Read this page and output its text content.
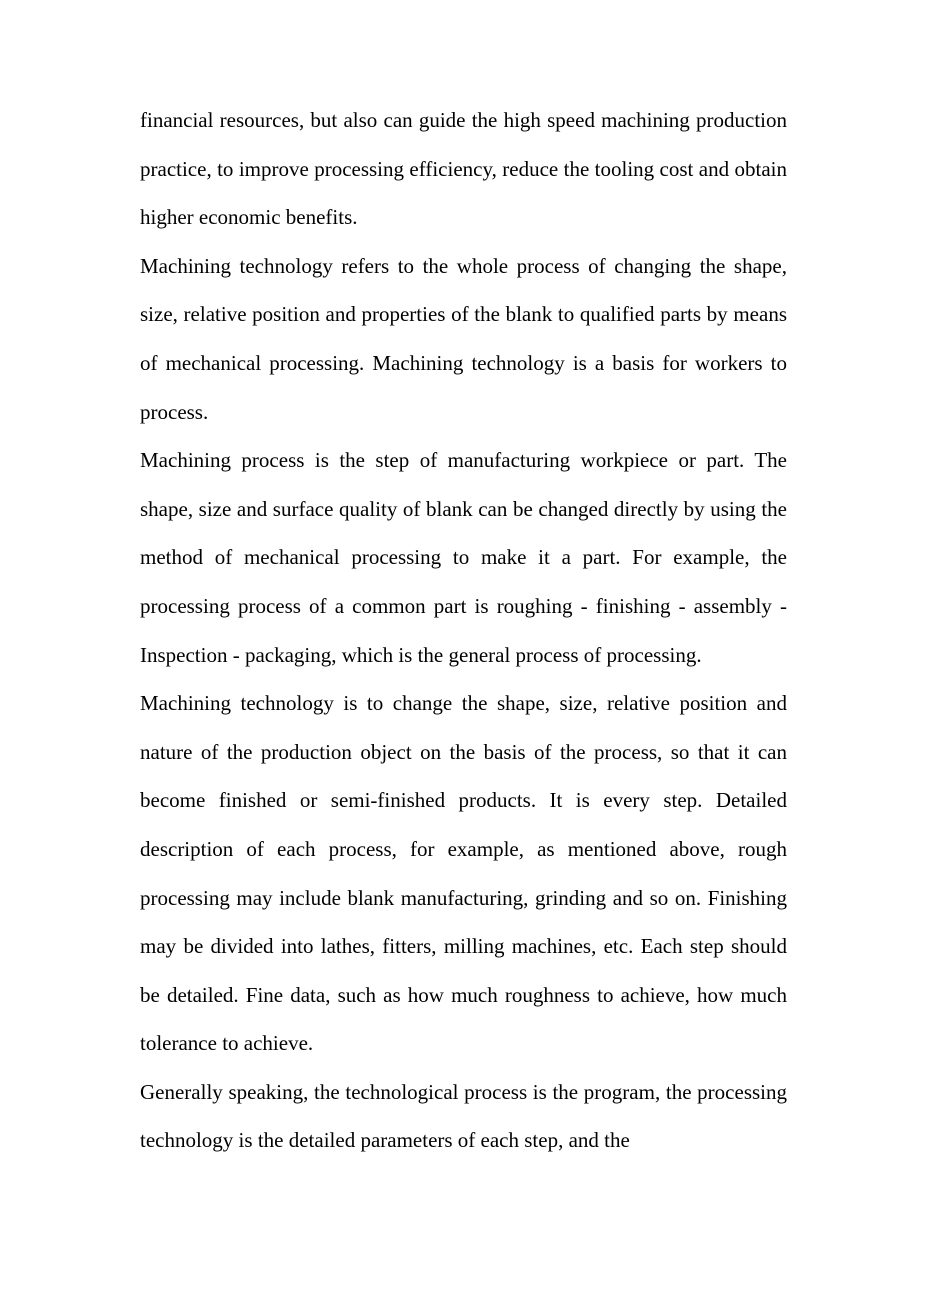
financial resources, but also can guide the high speed machining production practice, to improve processing efficiency, reduce the tooling cost and obtain higher economic benefits.

Machining technology refers to the whole process of changing the shape, size, relative position and properties of the blank to qualified parts by means of mechanical processing. Machining technology is a basis for workers to process.

Machining process is the step of manufacturing workpiece or part. The shape, size and surface quality of blank can be changed directly by using the method of mechanical processing to make it a part. For example, the processing process of a common part is roughing - finishing - assembly - Inspection - packaging, which is the general process of processing.

Machining technology is to change the shape, size, relative position and nature of the production object on the basis of the process, so that it can become finished or semi-finished products. It is every step. Detailed description of each process, for example, as mentioned above, rough processing may include blank manufacturing, grinding and so on. Finishing may be divided into lathes, fitters, milling machines, etc. Each step should be detailed. Fine data, such as how much roughness to achieve, how much tolerance to achieve.

Generally speaking, the technological process is the program, the processing technology is the detailed parameters of each step, and the
